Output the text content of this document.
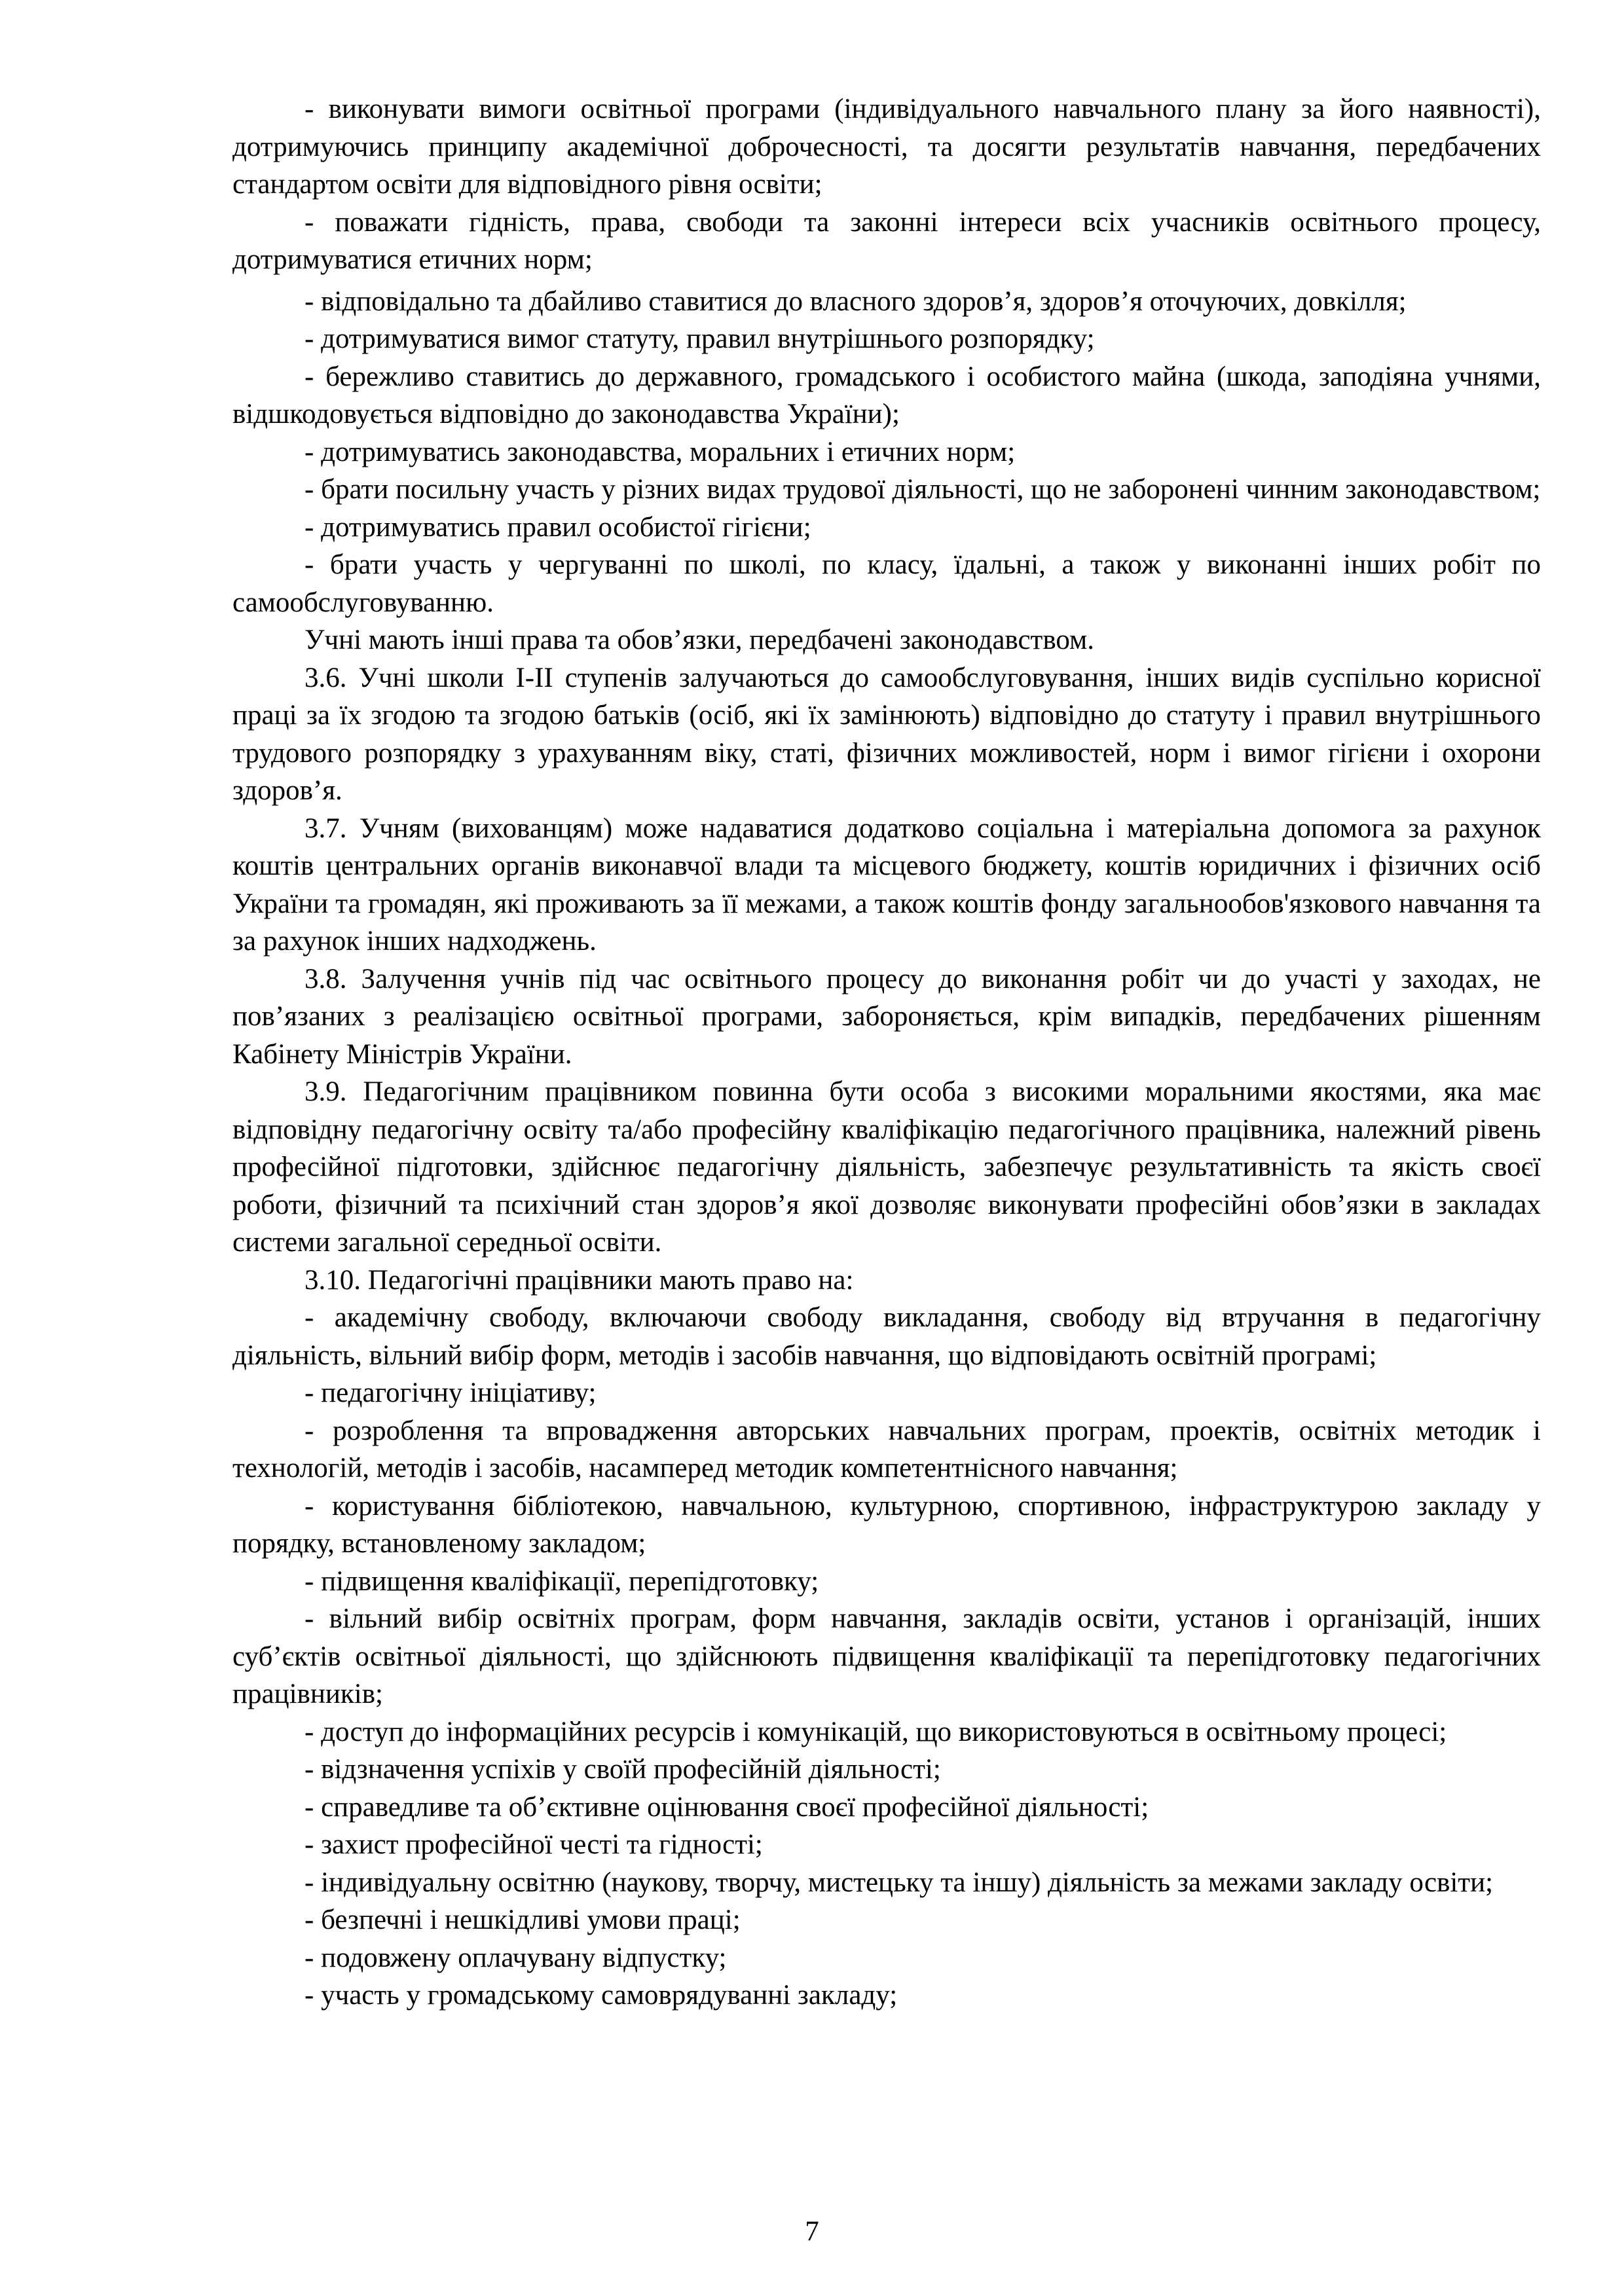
- виконувати вимоги освітньої програми (індивідуального навчального плану за його наявності), дотримуючись принципу академічної доброчесності, та досягти результатів навчання, передбачених стандартом освіти для відповідного рівня освіти;

- поважати гідність, права, свободи та законні інтереси всіх учасників освітнього процесу, дотримуватися етичних норм;

- відповідально та дбайливо ставитися до власного здоров’я, здоров’я оточуючих, довкілля;

- дотримуватися вимог статуту, правил внутрішнього розпорядку;

- бережливо ставитись до державного, громадського і особистого майна (шкода, заподіяна учнями, відшкодовується відповідно до законодавства України);

- дотримуватись законодавства, моральних і етичних норм;

- брати посильну участь у різних видах трудової діяльності, що не заборонені чинним законодавством;

- дотримуватись правил особистої гігієни;

- брати участь у чергуванні по школі, по класу, їдальні, а також у виконанні інших робіт по самообслуговуванню.

Учні мають інші права та обов’язки, передбачені законодавством.

3.6. Учні школи І-ІІ ступенів залучаються до самообслуговування, інших видів суспільно корисної праці за їх згодою та згодою батьків (осіб, які їх замінюють) відповідно до статуту і правил внутрішнього трудового розпорядку з урахуванням віку, статі, фізичних можливостей, норм і вимог гігієни і охорони здоров’я.

3.7. Учням (вихованцям) може надаватися додатково соціальна і матеріальна допомога за рахунок коштів центральних органів виконавчої влади та місцевого бюджету, коштів юридичних і фізичних осіб України та громадян, які проживають за її межами, а також коштів фонду загальнообов'язкового навчання та за рахунок інших надходжень.

3.8. Залучення учнів під час освітнього процесу до виконання робіт чи до участі у заходах, не пов’язаних з реалізацією освітньої програми, забороняється, крім випадків, передбачених рішенням Кабінету Міністрів України.

3.9. Педагогічним працівником повинна бути особа з високими моральними якостями, яка має відповідну педагогічну освіту та/або професійну кваліфікацію педагогічного працівника, належний рівень професійної підготовки, здійснює педагогічну діяльність, забезпечує результативність та якість своєї роботи, фізичний та психічний стан здоров’я якої дозволяє виконувати професійні обов’язки в закладах системи загальної середньої освіти.

3.10. Педагогічні працівники мають право на:

- академічну свободу, включаючи свободу викладання, свободу від втручання в педагогічну діяльність, вільний вибір форм, методів і засобів навчання, що відповідають освітній програмі;

- педагогічну ініціативу;

- розроблення та впровадження авторських навчальних програм, проектів, освітніх методик і технологій, методів і засобів, насамперед методик компетентнісного навчання;

- користування бібліотекою, навчальною, культурною, спортивною, інфраструктурою закладу у порядку, встановленому закладом;

- підвищення кваліфікації, перепідготовку;

- вільний вибір освітніх програм, форм навчання, закладів освіти, установ і організацій, інших суб’єктів освітньої діяльності, що здійснюють підвищення кваліфікації та перепідготовку педагогічних працівників;

- доступ до інформаційних ресурсів і комунікацій, що використовуються в освітньому процесі;

- відзначення успіхів у своїй професійній діяльності;

- справедливе та об’єктивне оцінювання своєї професійної діяльності;

- захист професійної честі та гідності;

- індивідуальну освітню (наукову, творчу, мистецьку та іншу) діяльність за межами закладу освіти;

- безпечні і нешкідливі умови праці;

- подовжену оплачувану відпустку;

- участь у громадському самоврядуванні закладу;

7
